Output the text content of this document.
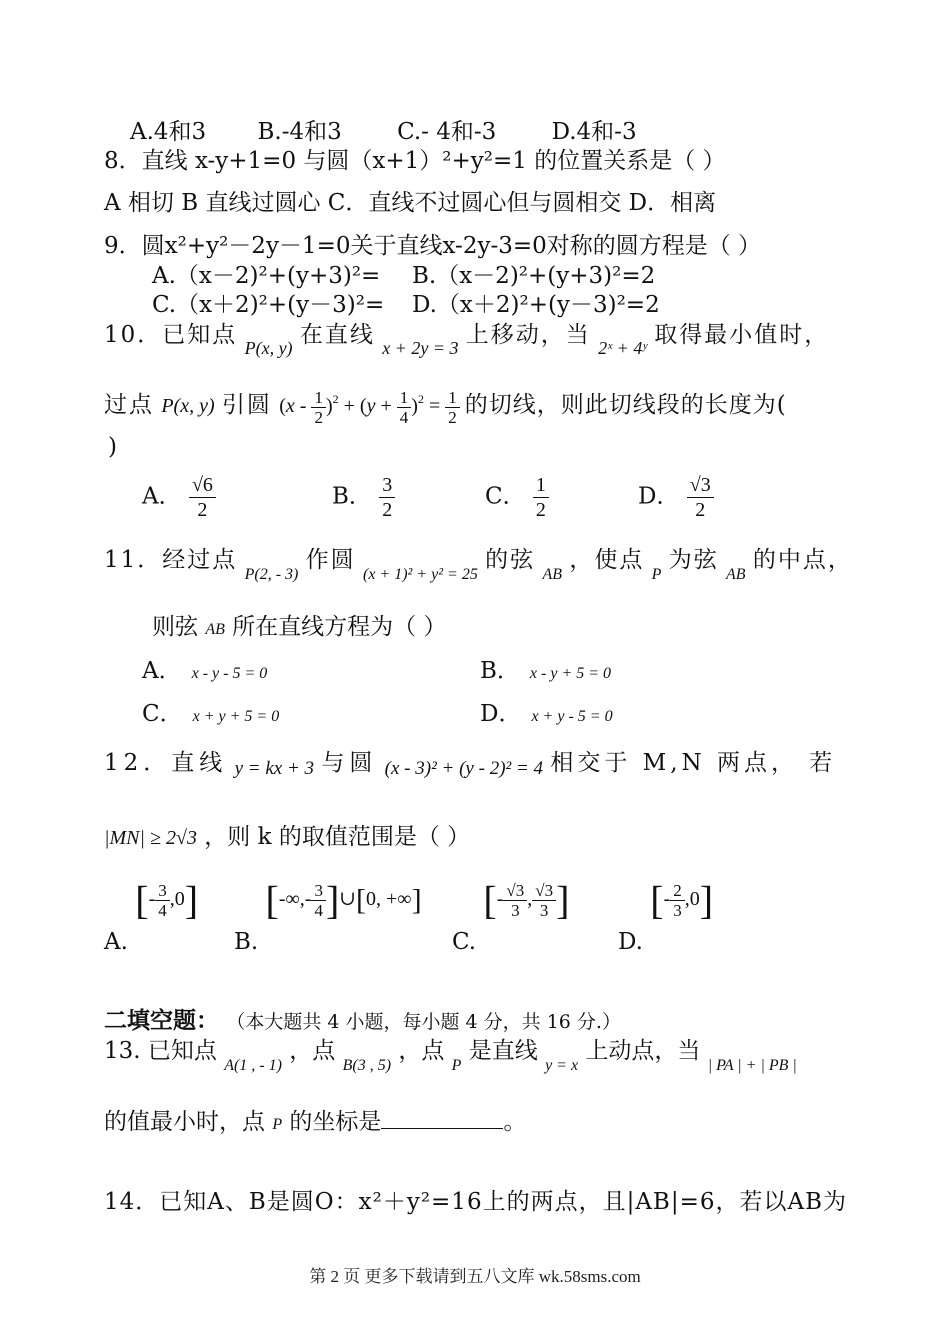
A.4和3 B.-4和3 C.- 4和-3 D.4和-3
8．直线 x-y+1=0 与圆（x+1）²+y²=1 的位置关系是（ ）
A 相切 B 直线过圆心 C．直线不过圆心但与圆相交 D．相离
9．圆x²+y²－2y－1=0关于直线x-2y-3=0对称的圆方程是（ ）
A.（x－2)²+(y+3)²= B.（x－2)²+(y+3)²=2
C.（x＋2)²+(y－3)²= D.（x＋2)²+(y－3)²=2
10．已知点 $_{P(x, y)}$ 在直线 $_{x + 2y = 3}$ 上移动，当 $_{2ˣ + 4ʸ}$ 取得最小值时，
过点 P(x, y) 引圆 $(x - \frac{1}{2} )^2 + (y + \frac{1}{4} )^2 = \frac{1}{2}$ 的切线，则此切线段的长度为(
)
A． $\frac{√6}{2}$	B． $\frac{3}{2}$	C． $\frac{1}{2}$	D． $\frac{√3}{2}$
11．经过点 $_{P(2, - 3)}$ 作圆 $_{(x + 1)^2 + y^2 = 25}$ 的弦 $_{AB}$ ，使点 $_P$ 为弦 $_{AB}$ 的中点，
则弦 AB 所在直线方程为（ ）
A． x - y - 5 = 0	B． x - y + 5 = 0
C． x + y + 5 = 0	D． x + y - 5 = 0
12．直线 y = kx + 3 与圆 (x - 3)² + (y - 2)² = 4 相交于 M,N 两点， 若
|MN| ≥ 2√3 ，则 k 的取值范围是（ ）
A. [- $\frac{3}{4} ,0$]
B. [-∞,- $\frac{3}{4}$ ]∪[0, +∞]
C. [- $\frac{√3}{3}$ , $\frac{√3}{3}$ ]
D. [- $\frac{2}{3} ,0$]
二填空题： （本大题共 4 小题，每小题 4 分，共 16 分.）
13. 已知点 $_{A(1 , - 1)}$ ，点 $_{B(3 , 5)}$ ，点 $_P$ 是直线 $_{y = x}$ 上动点，当 $_{| PA | + | PB |}$
的值最小时，点 P 的坐标是	。
14．已知A、B是圆O：x²＋y²=16上的两点，且|AB|=6，若以AB为
第 2 页 更多下载请到五八文库 wk.58sms.com
